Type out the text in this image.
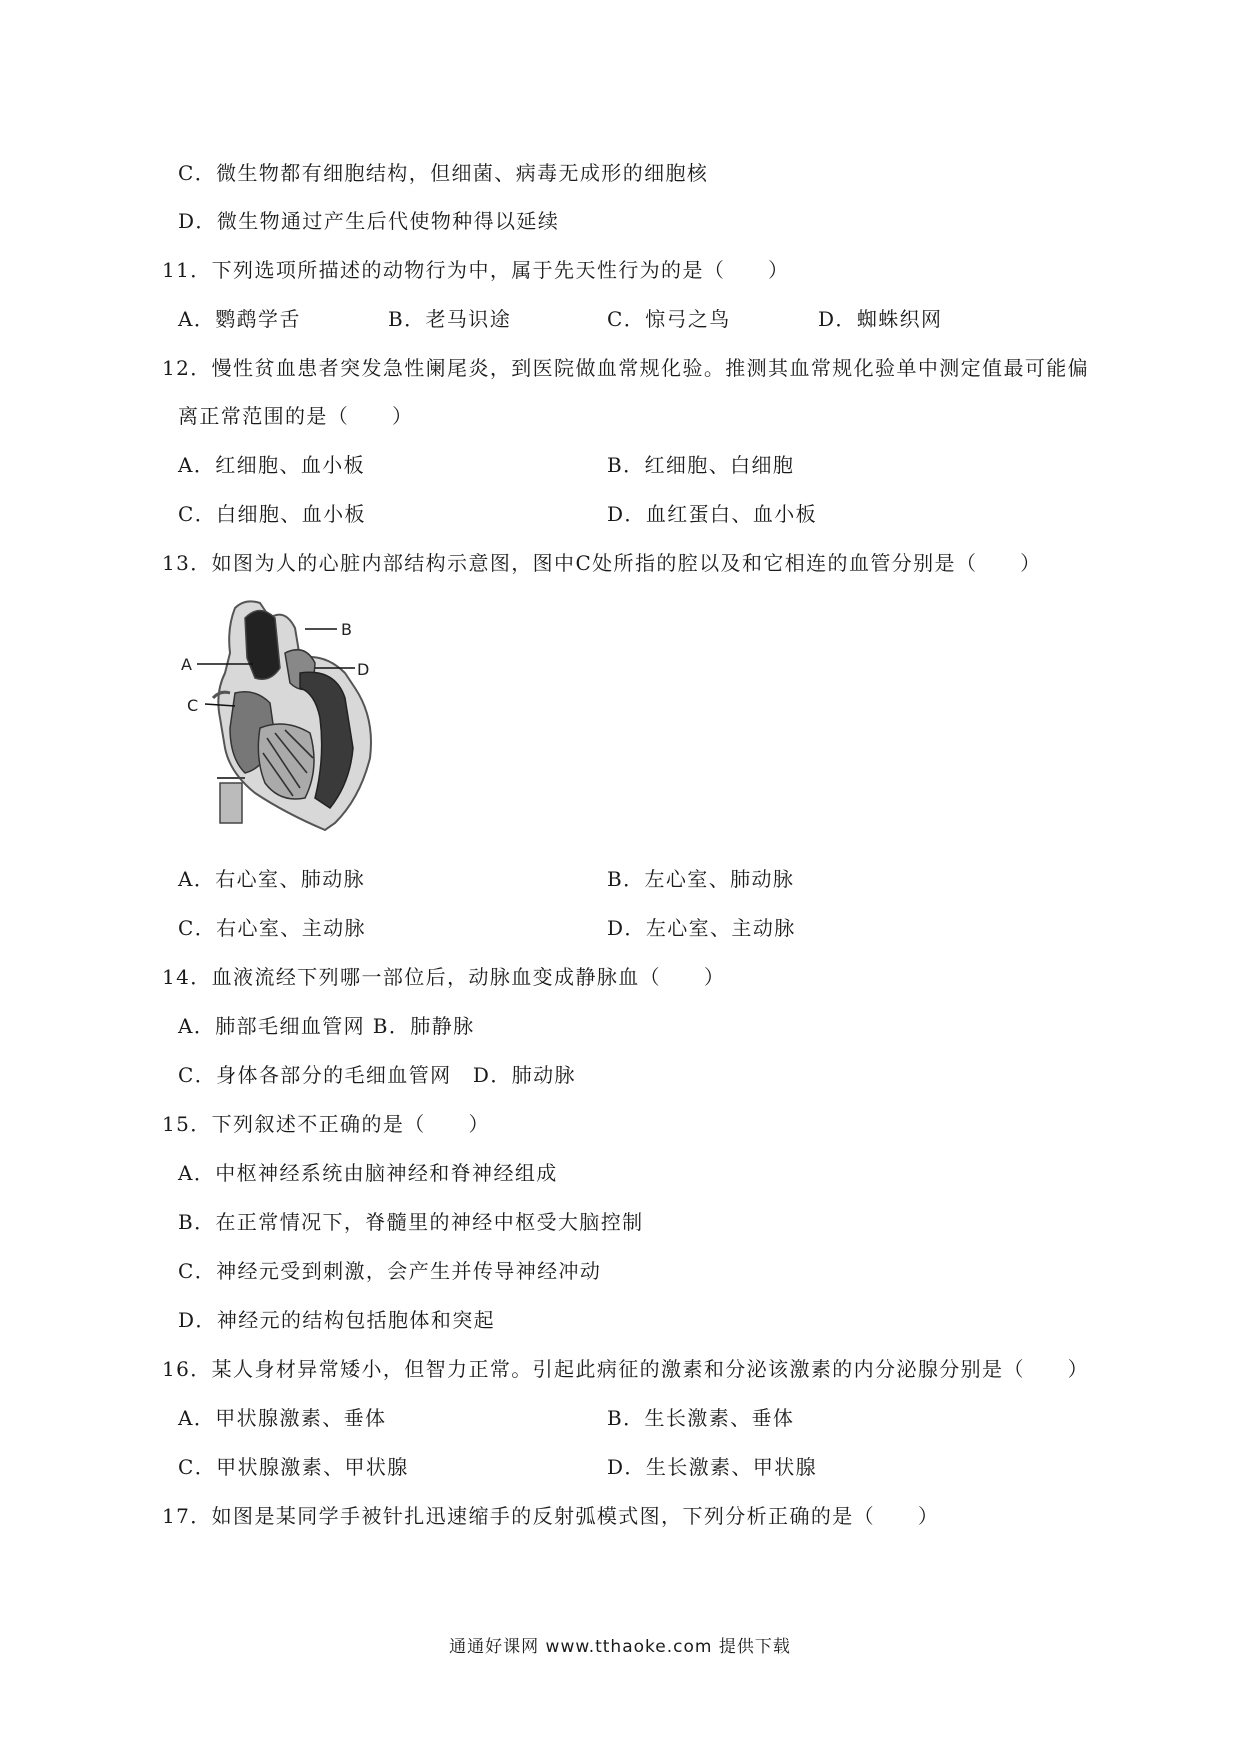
C．微生物都有细胞结构，但细菌、病毒无成形的细胞核
D．微生物通过产生后代使物种得以延续
11．下列选项所描述的动物行为中，属于先天性行为的是（　　）
A．鹦鹉学舌	B．老马识途	C．惊弓之鸟	D．蜘蛛织网
12．慢性贫血患者突发急性阑尾炎，到医院做血常规化验。推测其血常规化验单中测定值最可能偏
离正常范围的是（　　）
A．红细胞、血小板	B．红细胞、白细胞
C．白细胞、血小板	D．血红蛋白、血小板
13．如图为人的心脏内部结构示意图，图中C处所指的腔以及和它相连的血管分别是（　　）
A
B
D
C
A．右心室、肺动脉	B．左心室、肺动脉
C．右心室、主动脉	D．左心室、主动脉
14．血液流经下列哪一部位后，动脉血变成静脉血（　　）
A．肺部毛细血管网 B．肺静脉
C．身体各部分的毛细血管网　D．肺动脉
15．下列叙述不正确的是（　　）
A．中枢神经系统由脑神经和脊神经组成
B．在正常情况下，脊髓里的神经中枢受大脑控制
C．神经元受到刺激，会产生并传导神经冲动
D．神经元的结构包括胞体和突起
16．某人身材异常矮小，但智力正常。引起此病征的激素和分泌该激素的内分泌腺分别是（　　）
A．甲状腺激素、垂体	B．生长激素、垂体
C．甲状腺激素、甲状腺	D．生长激素、甲状腺
17．如图是某同学手被针扎迅速缩手的反射弧模式图，下列分析正确的是（　　）
通通好课网 www.tthaoke.com 提供下载
